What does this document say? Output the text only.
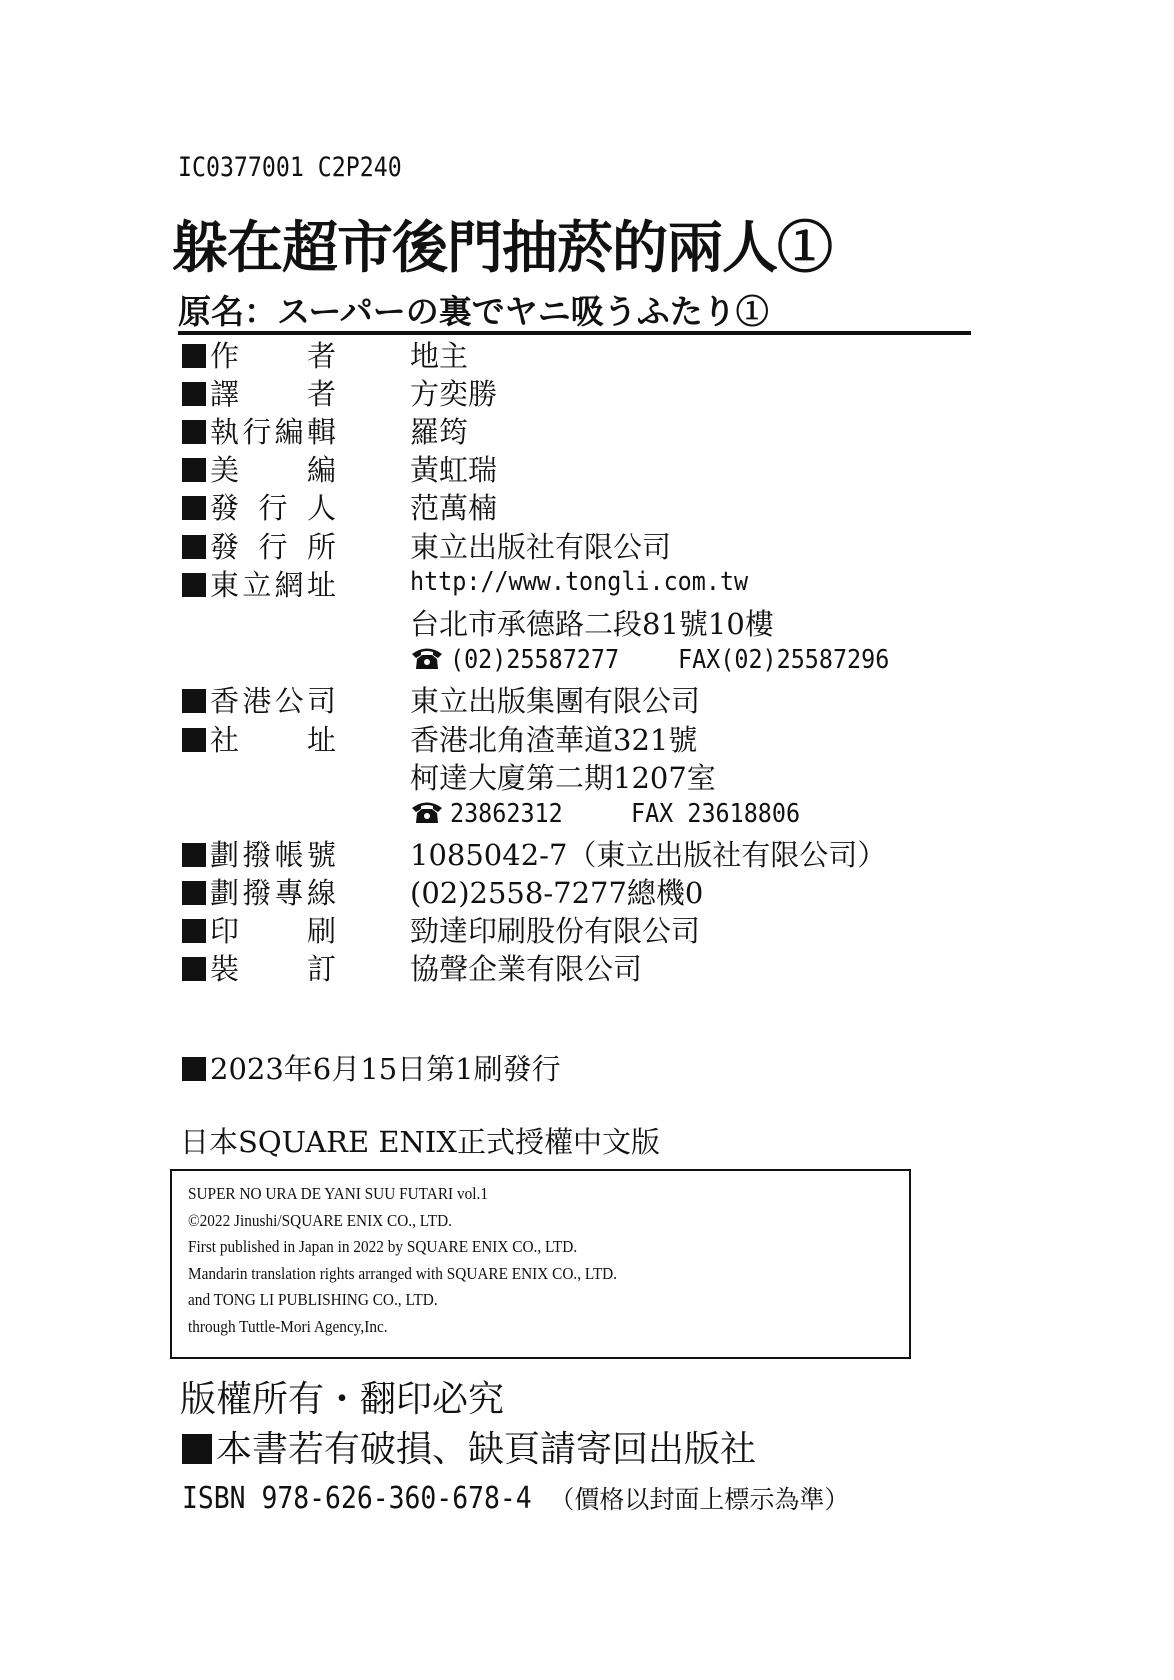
IC0377001 C2P240
躲在超市後門抽菸的兩人①
原名：スーパーの裏でヤニ吸うふたり①
作　者	地主
譯　者	方奕勝
執行編輯	羅筠
美　編	黃虹瑞
發行人	范萬楠
發行所	東立出版社有限公司
東立網址	http://www.tongli.com.tw
台北市承德路二段81號10樓
(02)25587277 FAX(02)25587296
香港公司	東立出版集團有限公司
社　址	香港北角渣華道321號
柯達大廈第二期1207室
23862312	FAX 23618806
劃撥帳號	1085042-7（東立出版社有限公司）
劃撥專線	(02)2558-7277總機0
印　刷	勁達印刷股份有限公司
裝　訂	協聲企業有限公司
2023年6月15日第1刷發行
日本SQUARE ENIX正式授權中文版
SUPER NO URA DE YANI SUU FUTARI vol.1
©2022 Jinushi/SQUARE ENIX CO., LTD.
First published in Japan in 2022 by SQUARE ENIX CO., LTD.
Mandarin translation rights arranged with SQUARE ENIX CO., LTD.
and TONG LI PUBLISHING CO., LTD.
through Tuttle-Mori Agency,Inc.
版權所有・翻印必究
本書若有破損、缺頁請寄回出版社
ISBN 978-626-360-678-4 （價格以封面上標示為準）
